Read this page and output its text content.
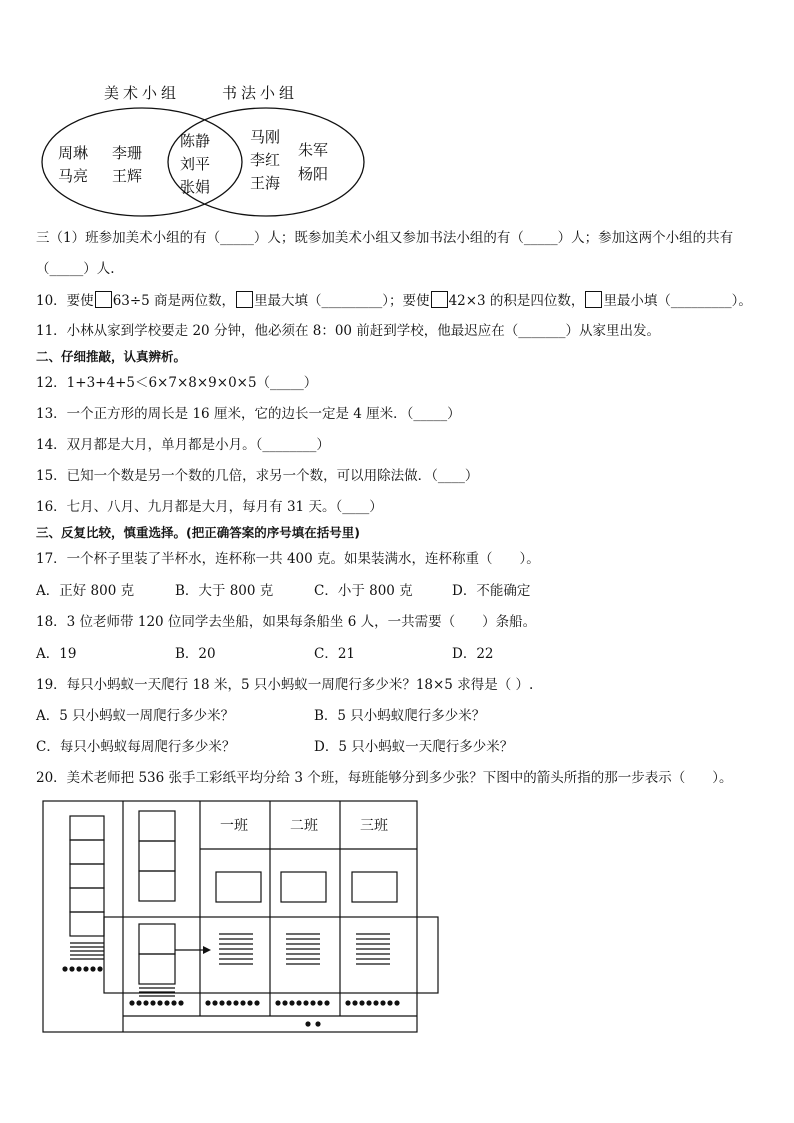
美术小组	书法小组
周琳 李珊
马亮 王辉
陈静
刘平
张娟
马刚
朱军
李红
杨阳
王海
三（1）班参加美术小组的有（_____）人；既参加美术小组又参加书法小组的有（_____）人；参加这两个小组的共有
（_____）人.
10．要使 63÷5 商是两位数， 里最大填（_________）；要使 42×3 的积是四位数， 里最小填（_________）。
11．小林从家到学校要走 20 分钟，他必须在 8：00 前赶到学校，他最迟应在（_______）从家里出发。
二、仔细推敲，认真辨析。
12．1+3+4+5＜6×7×8×9×0×5（_____）
13．一个正方形的周长是 16 厘米，它的边长一定是 4 厘米．（_____）
14．双月都是大月，单月都是小月。（________）
15．已知一个数是另一个数的几倍，求另一个数，可以用除法做．（____）
16．七月、八月、九月都是大月，每月有 31 天。（____）
三、反复比较，慎重选择。(把正确答案的序号填在括号里)
17．一个杯子里装了半杯水，连杯称一共 400 克。如果装满水，连杯称重（　　）。
A．正好 800 克	B．大于 800 克	C．小于 800 克	D．不能确定
18．3 位老师带 120 位同学去坐船，如果每条船坐 6 人，一共需要（　　）条船。
A．19	B．20	C．21	D．22
19．每只小蚂蚁一天爬行 18 米，5 只小蚂蚁一周爬行多少米？18×5 求得是（ ）.
A．5 只小蚂蚁一周爬行多少米？	B．5 只小蚂蚁爬行多少米？
C．每只小蚂蚁每周爬行多少米？	D．5 只小蚂蚁一天爬行多少米？
20．美术老师把 536 张手工彩纸平均分给 3 个班，每班能够分到多少张？下图中的箭头所指的那一步表示（　　）。
一班	二班	三班
